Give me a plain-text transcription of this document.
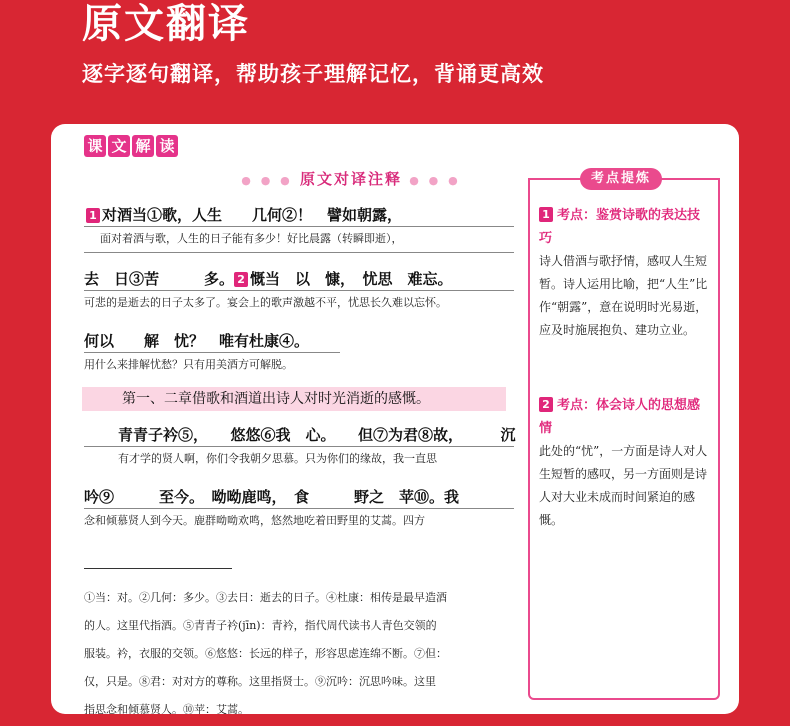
原文翻译
逐字逐句翻译，帮助孩子理解记忆，背诵更高效
课 文 解 读
● ● ● 原文对译注释 ● ● ●
1 对酒当①歌，人生　　几何②！　譬如朝露，
面对着酒与歌，人生的日子能有多少！好比晨露（转瞬即逝），
去　日③苦　　　多。 2 慨当　以　慷，　忧思　难忘。
可悲的是逝去的日子太多了。宴会上的歌声激越不平，忧思长久难以忘怀。
何以　　解　忧？　唯有杜康④。
用什么来排解忧愁？只有用美酒方可解脱。
第一、二章借歌和酒道出诗人对时光消逝的感慨。
青青子衿⑤，　　悠悠⑥我　心。　　但⑦为君⑧故，　　　沉
有才学的贤人啊，你们令我朝夕思慕。只为你们的缘故，我一直思
吟⑨　　　至今。　呦呦鹿鸣，　食　　　野之　苹⑩。我
念和倾慕贤人到今天。鹿群呦呦欢鸣，悠然地吃着田野里的艾蒿。四方
①当：对。②几何：多少。③去日：逝去的日子。④杜康：相传是最早造酒
的人。这里代指酒。⑤青青子衿(jīn)：青衿，指代周代读书人青色交领的
服装。衿，衣服的交领。⑥悠悠：长远的样子，形容思虑连绵不断。⑦但：
仅，只是。⑧君：对对方的尊称。这里指贤士。⑨沉吟：沉思吟味。这里
指思念和倾慕贤人。⑩苹：艾蒿。
考点提炼
1 考点：鉴赏诗歌的表达技巧
诗人借酒与歌抒情，感叹人生短暂。诗人运用比喻，把“人生”比作“朝露”，意在说明时光易逝，应及时施展抱负、建功立业。
2 考点：体会诗人的思想感情
此处的“忧”，一方面是诗人对人生短暂的感叹，另一方面则是诗人对大业未成而时间紧迫的感慨。
